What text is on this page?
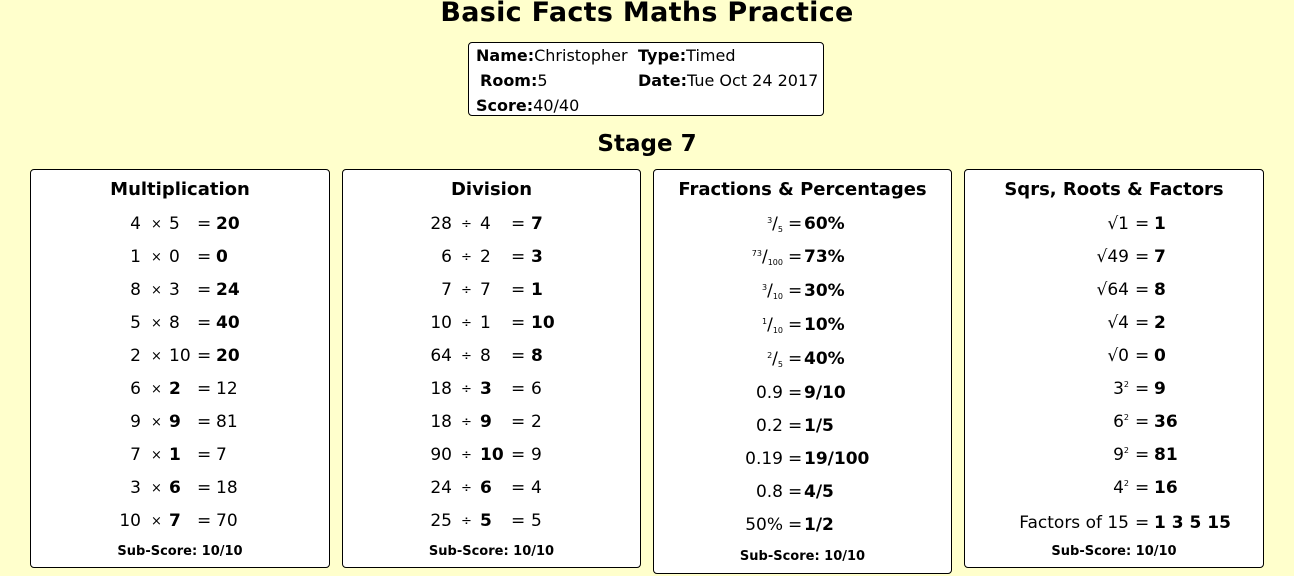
Basic Facts Maths Practice
Name:Christopher Type:Timed
Room:5	Date:Tue Oct 24 2017
Score:40/40
Stage 7
Multiplication
4 × 5 = 20
1 × 0 = 0
8 × 3 = 24
5 × 8 = 40
2 × 10 = 20
6 × 2 = 12
9 × 9 = 81
7 × 1 = 7
3 × 6 = 18
10 × 7 = 70
Sub-Score: 10/10
Division
28 ÷ 4 = 7
6 ÷ 2 = 3
7 ÷ 7 = 1
10 ÷ 1 = 10
64 ÷ 8 = 8
18 ÷ 3 = 6
18 ÷ 9 = 2
90 ÷ 10 = 9
24 ÷ 6 = 4
25 ÷ 5 = 5
Sub-Score: 10/10
Fractions & Percentages
$^3/_5 = 60\%$
$^{73}/_{100} = 73\%$
$^3/_{10} = 30\%$
$^1/_{10} = 10\%$
$^2/_5 = 40\%$
0.9 = 9/10
0.2 = 1/5
0.19 = 19/100
0.8 = 4/5
50% = 1/2
Sub-Score: 10/10
Sqrs, Roots & Factors
√1 = 1
√49 = 7
√64 = 8
√4 = 2
√0 = 0
$3^2 = 9$
$6^2 = 36$
$9^2 = 81$
$4^2 = 16$
Factors of 15 = 1 3 5 15
Sub-Score: 10/10
